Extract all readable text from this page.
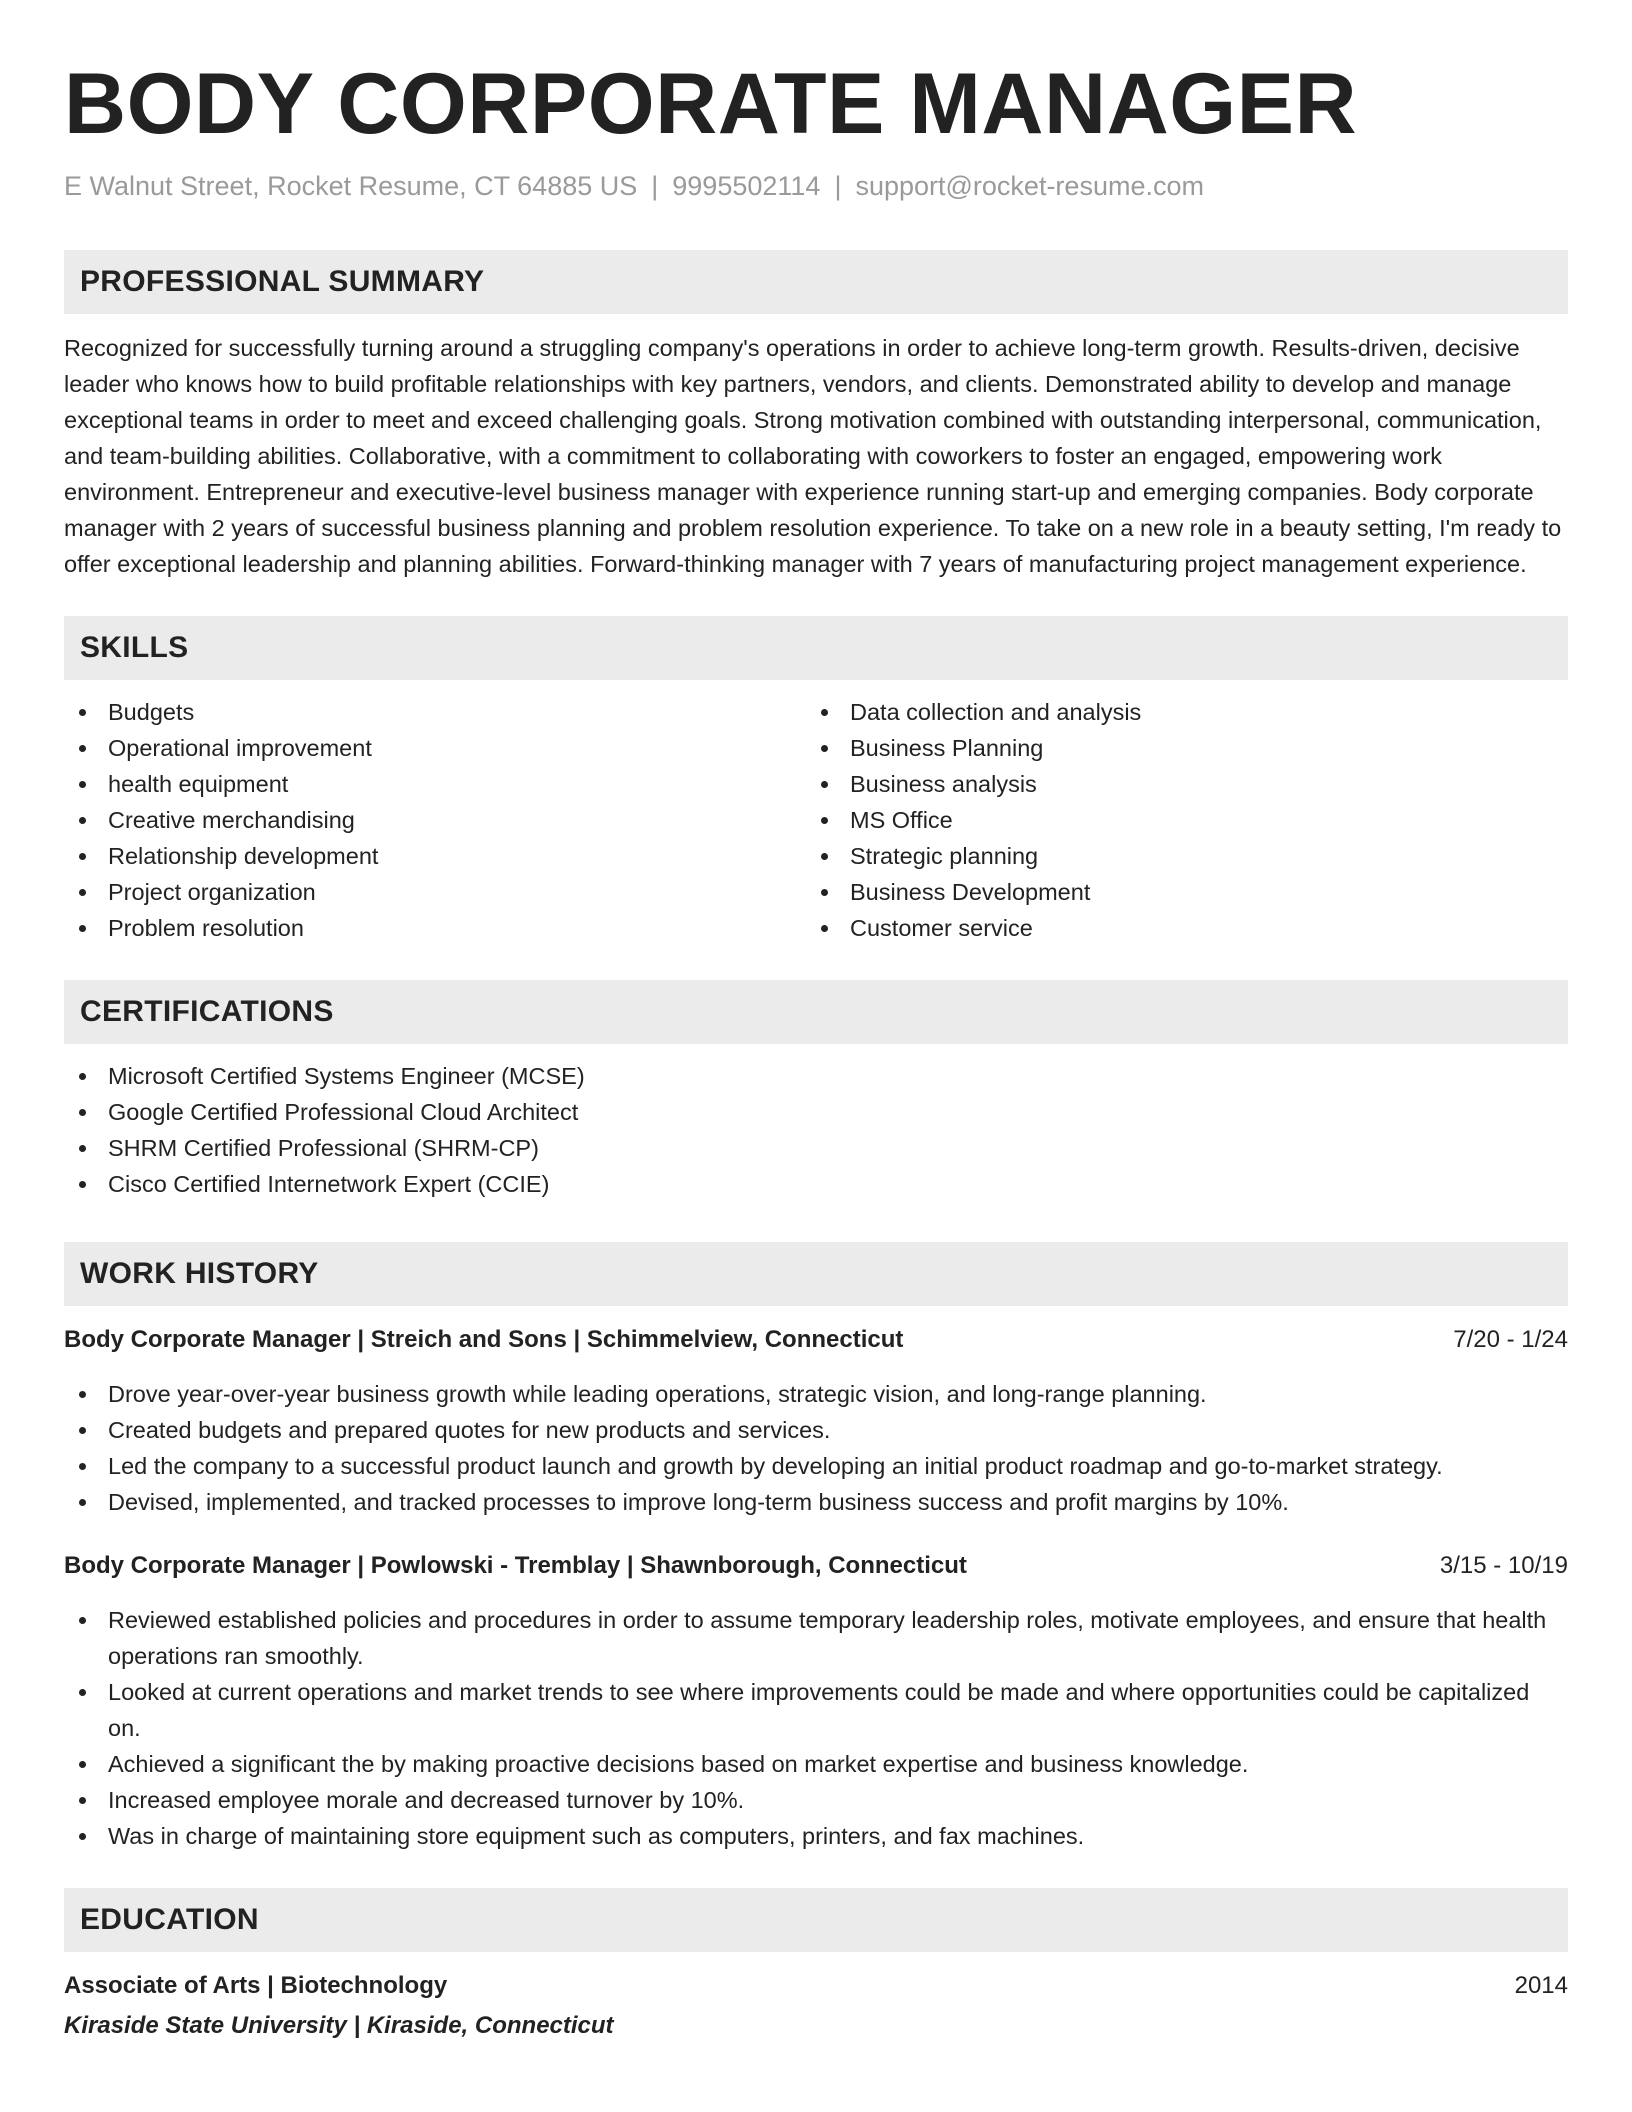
BODY CORPORATE MANAGER
E Walnut Street, Rocket Resume, CT 64885 US | 9995502114 | support@rocket-resume.com
PROFESSIONAL SUMMARY

Recognized for successfully turning around a struggling company's operations in order to achieve long-term growth. Results-driven, decisive leader who knows how to build profitable relationships with key partners, vendors, and clients. Demonstrated ability to develop and manage exceptional teams in order to meet and exceed challenging goals. Strong motivation combined with outstanding interpersonal, communication, and team-building abilities. Collaborative, with a commitment to collaborating with coworkers to foster an engaged, empowering work environment. Entrepreneur and executive-level business manager with experience running start-up and emerging companies. Body corporate manager with 2 years of successful business planning and problem resolution experience. To take on a new role in a beauty setting, I'm ready to offer exceptional leadership and planning abilities. Forward-thinking manager with 7 years of manufacturing project management experience.

SKILLS
Budgets
Operational improvement
health equipment
Creative merchandising
Relationship development
Project organization
Problem resolution
Data collection and analysis
Business Planning
Business analysis
MS Office
Strategic planning
Business Development
Customer service
CERTIFICATIONS
Microsoft Certified Systems Engineer (MCSE)
Google Certified Professional Cloud Architect
SHRM Certified Professional (SHRM-CP)
Cisco Certified Internetwork Expert (CCIE)
WORK HISTORY
Body Corporate Manager | Streich and Sons | Schimmelview, Connecticut	7/20 - 1/24
Drove year-over-year business growth while leading operations, strategic vision, and long-range planning.
Created budgets and prepared quotes for new products and services.
Led the company to a successful product launch and growth by developing an initial product roadmap and go-to-market strategy.
Devised, implemented, and tracked processes to improve long-term business success and profit margins by 10%.
Body Corporate Manager | Powlowski - Tremblay | Shawnborough, Connecticut	3/15 - 10/19
Reviewed established policies and procedures in order to assume temporary leadership roles, motivate employees, and ensure that health operations ran smoothly.
Looked at current operations and market trends to see where improvements could be made and where opportunities could be capitalized on.
Achieved a significant the by making proactive decisions based on market expertise and business knowledge.
Increased employee morale and decreased turnover by 10%.
Was in charge of maintaining store equipment such as computers, printers, and fax machines.
EDUCATION
Associate of Arts | Biotechnology	2014
Kiraside State University | Kiraside, Connecticut
